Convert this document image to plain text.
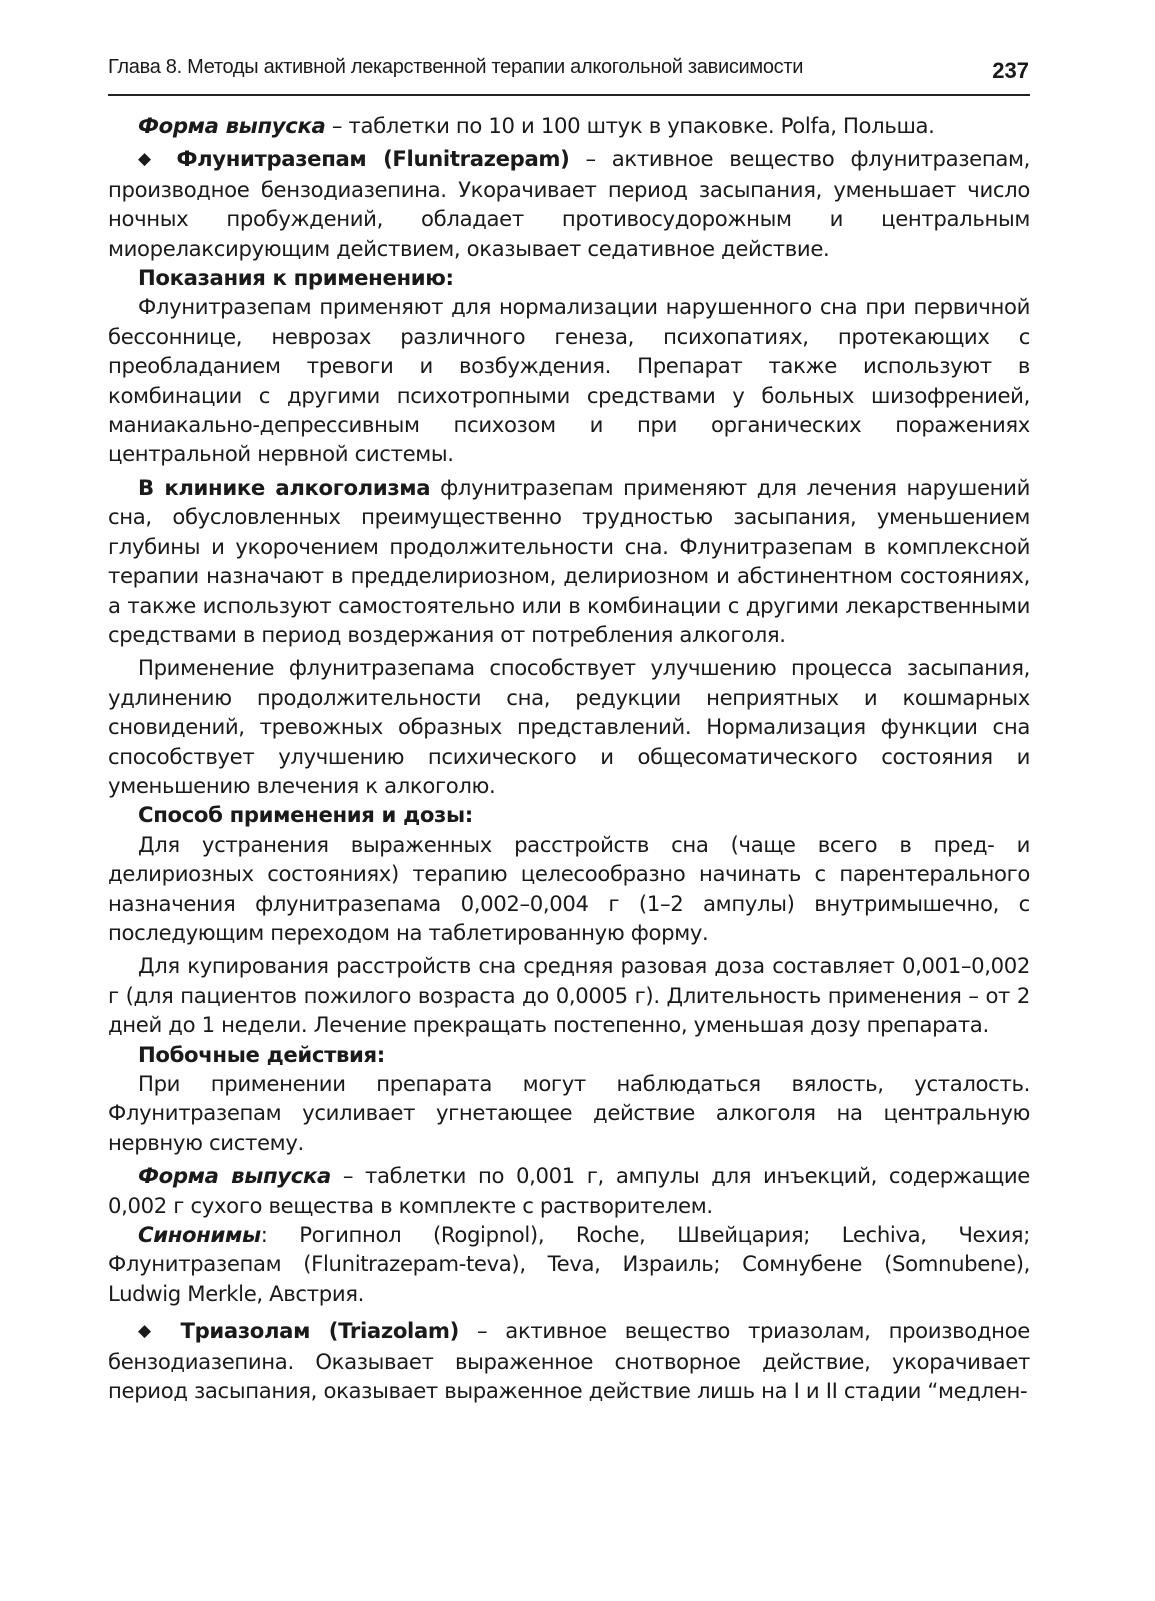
Глава 8. Методы активной лекарственной терапии алкогольной зависимости	237

Форма выпуска – таблетки по 10 и 100 штук в упаковке. Polfa, Польша.

◆ Флунитразепам (Flunitrazepam) – активное вещество флунитразепам, производное бензодиазепина. Укорачивает период засыпания, уменьшает число ночных пробуждений, обладает противосудорожным и центральным миорелаксирующим действием, оказывает седативное действие.

Показания к применению:

Флунитразепам применяют для нормализации нарушенного сна при первичной бессоннице, неврозах различного генеза, психопатиях, протекающих с преобладанием тревоги и возбуждения. Препарат также используют в комбинации с другими психотропными средствами у больных шизофренией, маниакально-депрессивным психозом и при органических поражениях центральной нервной системы.

В клинике алкоголизма флунитразепам применяют для лечения нарушений сна, обусловленных преимущественно трудностью засыпания, уменьшением глубины и укорочением продолжительности сна. Флунитразепам в комплексной терапии назначают в предделириозном, делириозном и абстинентном состояниях, а также используют самостоятельно или в комбинации с другими лекарственными средствами в период воздержания от потребления алкоголя.

Применение флунитразепама способствует улучшению процесса засыпания, удлинению продолжительности сна, редукции неприятных и кошмарных сновидений, тревожных образных представлений. Нормализация функции сна способствует улучшению психического и общесоматического состояния и уменьшению влечения к алкоголю.

Способ применения и дозы:

Для устранения выраженных расстройств сна (чаще всего в пред- и делириозных состояниях) терапию целесообразно начинать с парентерального назначения флунитразепама 0,002–0,004 г (1–2 ампулы) внутримышечно, с последующим переходом на таблетированную форму.

Для купирования расстройств сна средняя разовая доза составляет 0,001–0,002 г (для пациентов пожилого возраста до 0,0005 г). Длительность применения – от 2 дней до 1 недели. Лечение прекращать постепенно, уменьшая дозу препарата.

Побочные действия:

При применении препарата могут наблюдаться вялость, усталость. Флунитразепам усиливает угнетающее действие алкоголя на центральную нервную систему.

Форма выпуска – таблетки по 0,001 г, ампулы для инъекций, содержащие 0,002 г сухого вещества в комплекте с растворителем.

Синонимы: Рогипнол (Rogipnol), Roche, Швейцария; Lechiva, Чехия; Флунитразепам (Flunitrazepam-teva), Teva, Израиль; Сомнубене (Somnubene), Ludwig Merkle, Австрия.

◆ Триазолам (Triazolam) – активное вещество триазолам, производное бензодиазепина. Оказывает выраженное снотворное действие, укорачивает период засыпания, оказывает выраженное действие лишь на I и II стадии “медлен-
